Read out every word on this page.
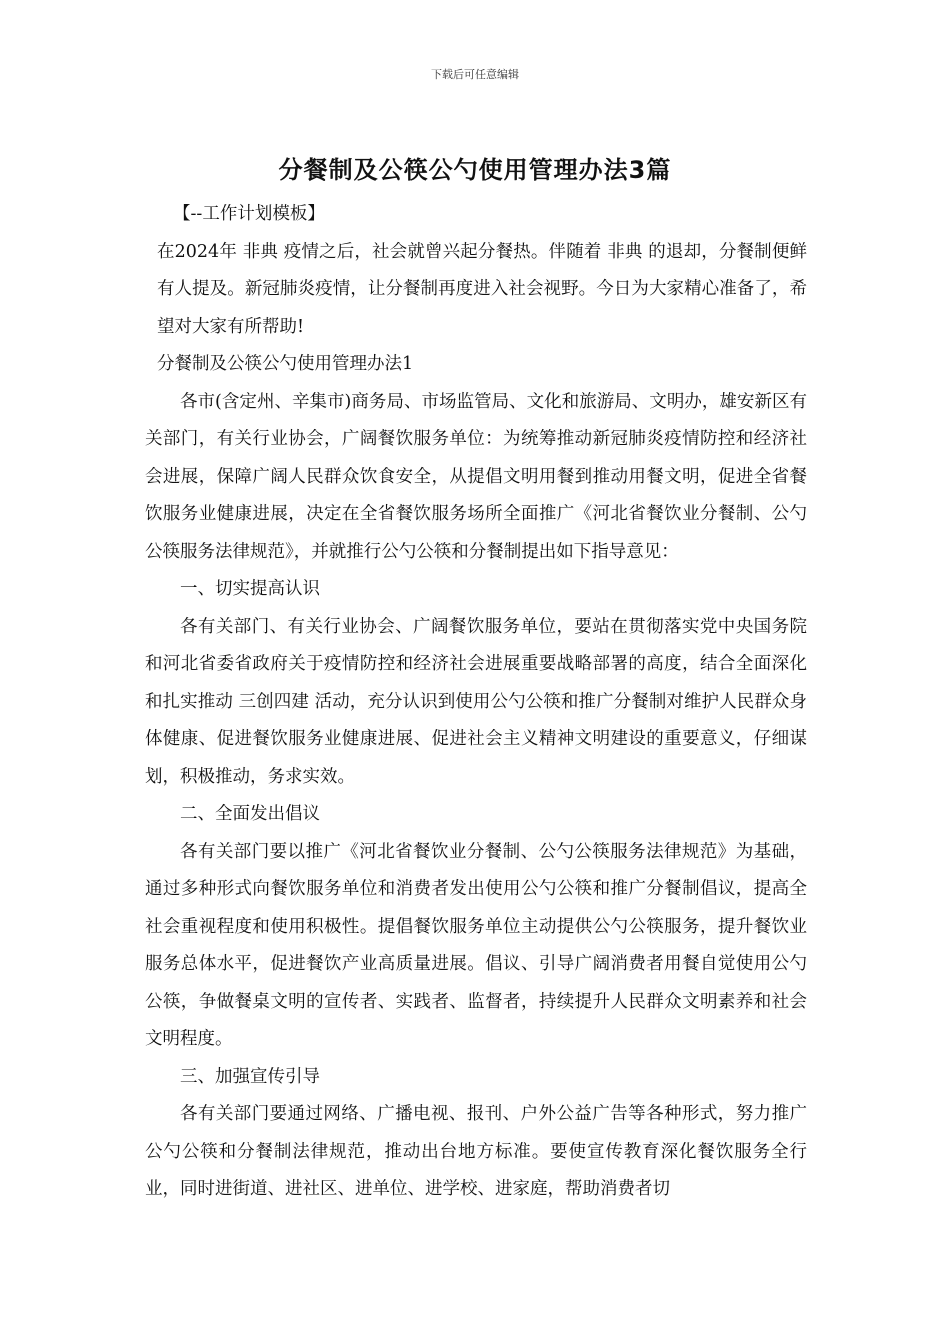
下载后可任意编辑
分餐制及公筷公勺使用管理办法3篇

【--工作计划模板】

在2024年 非典 疫情之后，社会就曾兴起分餐热。伴随着 非典 的退却，分餐制便鲜有人提及。新冠肺炎疫情，让分餐制再度进入社会视野。今日为大家精心准备了，希望对大家有所帮助!

分餐制及公筷公勺使用管理办法1

各市(含定州、辛集市)商务局、市场监管局、文化和旅游局、文明办，雄安新区有关部门，有关行业协会，广阔餐饮服务单位：为统筹推动新冠肺炎疫情防控和经济社会进展，保障广阔人民群众饮食安全，从提倡文明用餐到推动用餐文明，促进全省餐饮服务业健康进展，决定在全省餐饮服务场所全面推广《河北省餐饮业分餐制、公勺公筷服务法律规范》，并就推行公勺公筷和分餐制提出如下指导意见：

一、切实提高认识

各有关部门、有关行业协会、广阔餐饮服务单位，要站在贯彻落实党中央国务院和河北省委省政府关于疫情防控和经济社会进展重要战略部署的高度，结合全面深化和扎实推动 三创四建 活动，充分认识到使用公勺公筷和推广分餐制对维护人民群众身体健康、促进餐饮服务业健康进展、促进社会主义精神文明建设的重要意义，仔细谋划，积极推动，务求实效。

二、全面发出倡议

各有关部门要以推广《河北省餐饮业分餐制、公勺公筷服务法律规范》为基础，通过多种形式向餐饮服务单位和消费者发出使用公勺公筷和推广分餐制倡议，提高全社会重视程度和使用积极性。提倡餐饮服务单位主动提供公勺公筷服务，提升餐饮业服务总体水平，促进餐饮产业高质量进展。倡议、引导广阔消费者用餐自觉使用公勺公筷，争做餐桌文明的宣传者、实践者、监督者，持续提升人民群众文明素养和社会文明程度。

三、加强宣传引导

各有关部门要通过网络、广播电视、报刊、户外公益广告等各种形式，努力推广公勺公筷和分餐制法律规范，推动出台地方标准。要使宣传教育深化餐饮服务全行业，同时进街道、进社区、进单位、进学校、进家庭，帮助消费者切
